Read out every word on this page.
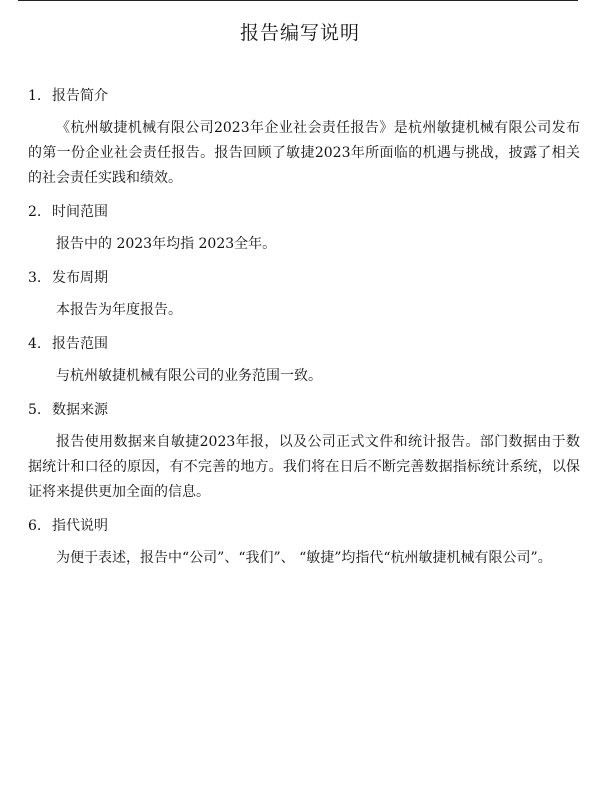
报告编写说明
1. 报告简介

《杭州敏捷机械有限公司2023年企业社会责任报告》是杭州敏捷机械有限公司发布的第一份企业社会责任报告。报告回顾了敏捷2023年所面临的机遇与挑战，披露了相关的社会责任实践和绩效。

2. 时间范围

报告中的 2023年均指 2023全年。

3. 发布周期

本报告为年度报告。

4. 报告范围

与杭州敏捷机械有限公司的业务范围一致。

5. 数据来源

报告使用数据来自敏捷2023年报，以及公司正式文件和统计报告。部门数据由于数据统计和口径的原因，有不完善的地方。我们将在日后不断完善数据指标统计系统，以保证将来提供更加全面的信息。

6. 指代说明

为便于表述，报告中“公司”、“我们”、 “敏捷”均指代“杭州敏捷机械有限公司”。
